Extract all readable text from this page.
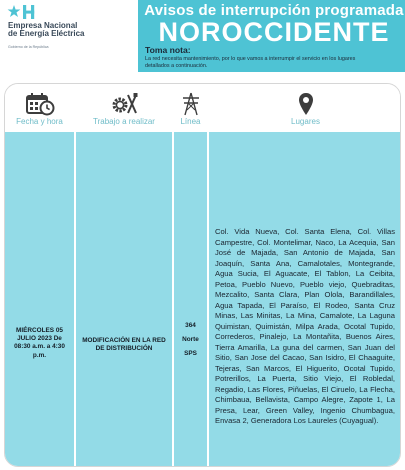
Empresa Nacional
de Energía Eléctrica
Gobierno de la República
Avisos de interrupción programada
NOROCCIDENTE
Toma nota:
La red necesita mantenimiento, por lo que vamos a interrumpir el servicio en los lugares detallados a continuación.
Fecha y hora
MIÉRCOLES 05 JULIO 2023 De 08:30 a.m. a 4:30 p.m.
Trabajo a realizar
MODIFICACIÓN EN LA RED DE DISTRIBUCIÓN
Línea
364
Norte
SPS
Lugares
Col. Vida Nueva, Col. Santa Elena, Col. Villas Campestre, Col. Montelimar, Naco, La Acequia, San José de Majada, San Antonio de Majada, San Joaquín, Santa Ana, Camalotales, Montegrande, Agua Sucia, El Aguacate, El Tablon, La Ceibita, Petoa, Pueblo Nuevo, Pueblo viejo, Quebraditas, Mezcalito, Santa Clara, Plan Olola, Barandillales, Agua Tapada, El Paraíso, El Rodeo, Santa Cruz Minas, Las Minitas, La Mina, Camalote, La Laguna Quimistan, Quimistán, Milpa Arada, Ocotal Tupido, Correderos, Pinalejo, La Montañita, Buenos Aires, Tierra Amarilla, La guna del carmen, San Juan del Sitio, San Jose del Cacao, San Isidro, El Chaaguite, Tejeras, San Marcos, El Higuerito, Ocotal Tupido, Potrerillos, La Puerta, Sitio Viejo, El Robledal, Regadio, Las Flores, Piñuelas, El Ciruelo, La Flecha, Chimbaua, Bellavista, Campo Alegre, Zapote 1, La Presa, Lear, Green Valley, Ingenio Chumbagua, Envasa 2, Generadora Los Laureles (Cuyagual).
